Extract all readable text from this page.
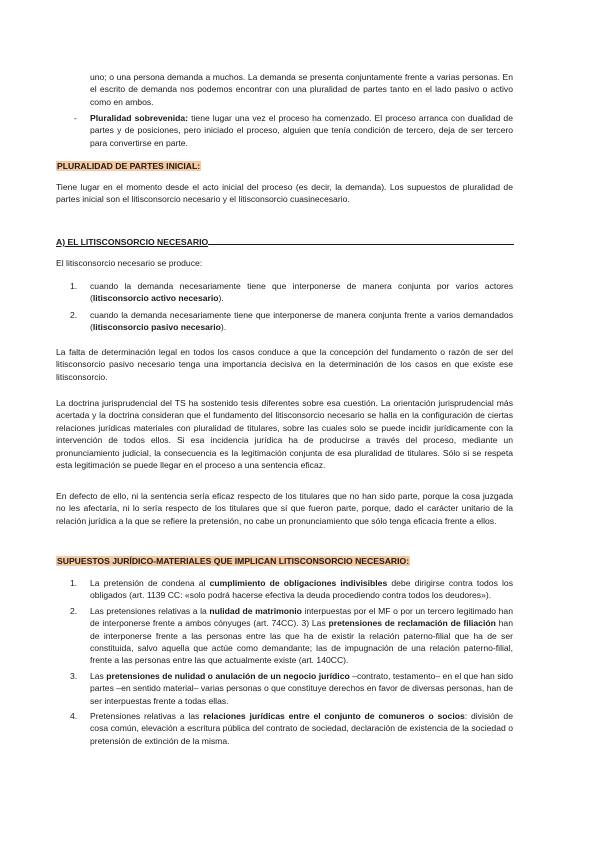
uno; o una persona demanda a muchos. La demanda se presenta conjuntamente frente a varias personas. En el escrito de demanda nos podemos encontrar con una pluralidad de partes tanto en el lado pasivo o activo como en ambos.

- Pluralidad sobrevenida: tiene lugar una vez el proceso ha comenzado. El proceso arranca con dualidad de partes y de posiciones, pero iniciado el proceso, alguien que tenía condición de tercero, deja de ser tercero para convertirse en parte.
PLURALIDAD DE PARTES INICIAL:

Tiene lugar en el momento desde el acto inicial del proceso (es decir, la demanda). Los supuestos de pluralidad de partes inicial son el litisconsorcio necesario y el litisconsorcio cuasinecesario.

A) EL LITISCONSORCIO NECESARIO

El litisconsorcio necesario se produce:

1. cuando la demanda necesariamente tiene que interponerse de manera conjunta por varios actores (litisconsorcio activo necesario).
2. cuando la demanda necesariamente tiene que interponerse de manera conjunta frente a varios demandados (litisconsorcio pasivo necesario).

La falta de determinación legal en todos los casos conduce a que la concepción del fundamento o razón de ser del litisconsorcio pasivo necesario tenga una importancia decisiva en la determinación de los casos en que existe ese litisconsorcio.

La doctrina jurisprudencial del TS ha sostenido tesis diferentes sobre esa cuestión. La orientación jurisprudencial más acertada y la doctrina consideran que el fundamento del litisconsorcio necesario se halla en la configuración de ciertas relaciones jurídicas materiales con pluralidad de titulares, sobre las cuales solo se puede incidir jurídicamente con la intervención de todos ellos. Si esa incidencia jurídica ha de producirse a través del proceso, mediante un pronunciamiento judicial, la consecuencia es la legitimación conjunta de esa pluralidad de titulares. Sólo si se respeta esta legitimación se puede llegar en el proceso a una sentencia eficaz.

En defecto de ello, ni la sentencia sería eficaz respecto de los titulares que no han sido parte, porque la cosa juzgada no les afectaría, ni lo sería respecto de los titulares que sí que fueron parte, porque, dado el carácter unitario de la relación jurídica a la que se refiere la pretensión, no cabe un pronunciamiento que sólo tenga eficacia frente a ellos.

SUPUESTOS JURÍDICO-MATERIALES QUE IMPLICAN LITISCONSORCIO NECESARIO:
1. La pretensión de condena al cumplimiento de obligaciones indivisibles debe dirigirse contra todos los obligados (art. 1139 CC: «solo podrá hacerse efectiva la deuda procediendo contra todos los deudores»).
2. Las pretensiones relativas a la nulidad de matrimonio interpuestas por el MF o por un tercero legitimado han de interponerse frente a ambos cónyuges (art. 74CC). 3) Las pretensiones de reclamación de filiación han de interponerse frente a las personas entre las que ha de existir la relación paterno-filial que ha de ser constituida, salvo aquella que actúe como demandante; las de impugnación de una relación paterno-filial, frente a las personas entre las que actualmente existe (art. 140CC).
3. Las pretensiones de nulidad o anulación de un negocio jurídico –contrato, testamento– en el que han sido partes –en sentido material– varias personas o que constituye derechos en favor de diversas personas, han de ser interpuestas frente a todas ellas.
4. Pretensiones relativas a las relaciones jurídicas entre el conjunto de comuneros o socios: división de cosa común, elevación a escritura pública del contrato de sociedad, declaración de existencia de la sociedad o pretensión de extinción de la misma.
